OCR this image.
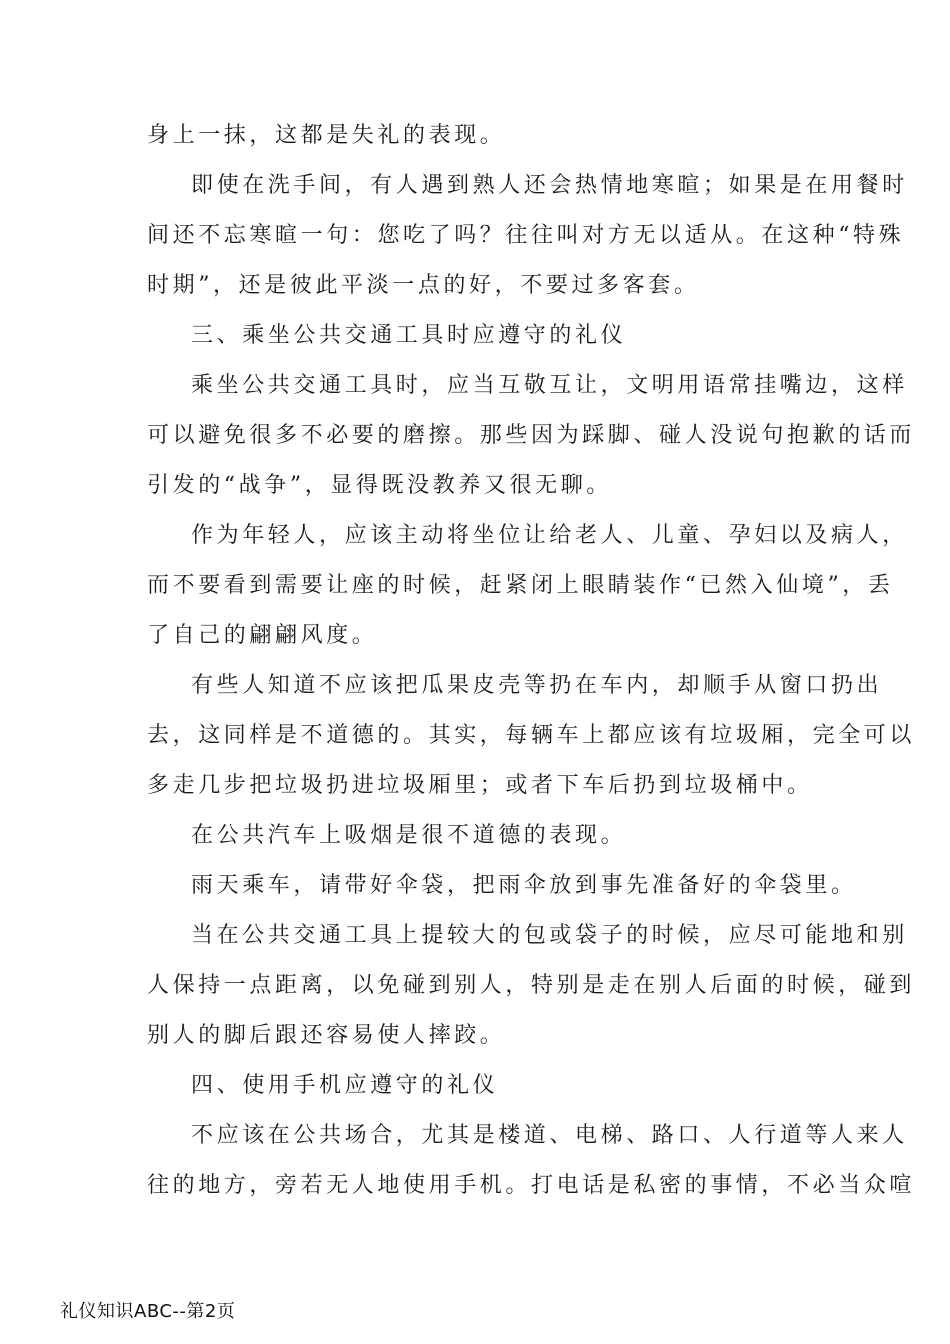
身上一抹，这都是失礼的表现。
即使在洗手间，有人遇到熟人还会热情地寒暄；如果是在用餐时
间还不忘寒暄一句：您吃了吗？往往叫对方无以适从。在这种“特殊
时期”，还是彼此平淡一点的好，不要过多客套。
三、乘坐公共交通工具时应遵守的礼仪
乘坐公共交通工具时，应当互敬互让，文明用语常挂嘴边，这样
可以避免很多不必要的磨擦。那些因为踩脚、碰人没说句抱歉的话而
引发的“战争”，显得既没教养又很无聊。
作为年轻人，应该主动将坐位让给老人、儿童、孕妇以及病人，
而不要看到需要让座的时候，赶紧闭上眼睛装作“已然入仙境”，丢
了自己的翩翩风度。
有些人知道不应该把瓜果皮壳等扔在车内，却顺手从窗口扔出
去，这同样是不道德的。其实，每辆车上都应该有垃圾厢，完全可以
多走几步把垃圾扔进垃圾厢里；或者下车后扔到垃圾桶中。
在公共汽车上吸烟是很不道德的表现。
雨天乘车，请带好伞袋，把雨伞放到事先准备好的伞袋里。
当在公共交通工具上提较大的包或袋子的时候，应尽可能地和别
人保持一点距离，以免碰到别人，特别是走在别人后面的时候，碰到
别人的脚后跟还容易使人摔跤。
四、使用手机应遵守的礼仪
不应该在公共场合，尤其是楼道、电梯、路口、人行道等人来人
往的地方，旁若无人地使用手机。打电话是私密的事情，不必当众喧
礼仪知识ABC--第2页
